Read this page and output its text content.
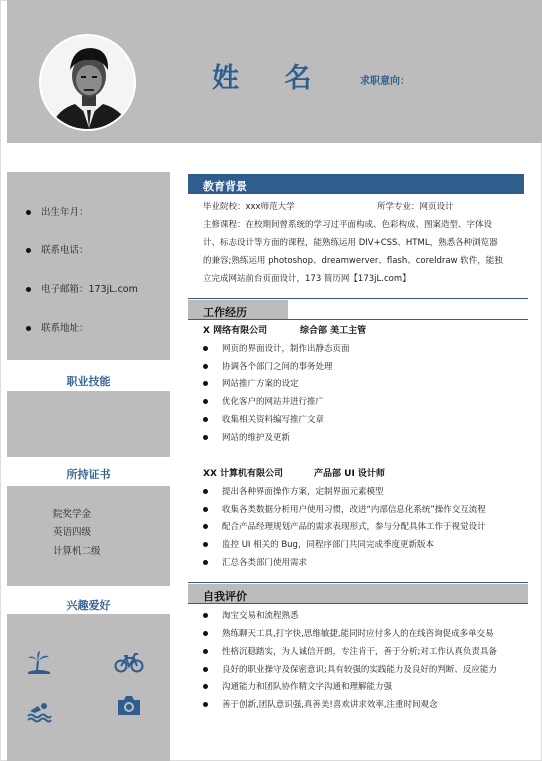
姓 名	求职意向：
出生年月：
联系电话：
电子邮箱：173jL.com
联系地址：
职业技能
所持证书
院奖学金
英语四级
计算机二级
兴趣爱好
教育背景
毕业院校：xxx师范大学	所学专业：网页设计
主修课程：在校期间曾系统的学习过平面构成、色彩构成、图案造型、字体设
计、标志设计等方面的课程，能熟练运用 DIV+CSS、HTML，熟悉各种浏览器
的兼容;熟练运用 photoshop、dreamwerver、flash、coreldraw 软件，能独
立完成网站前台页面设计，173 简历网【173jL.com】
工作经历
X 网络有限公司	综合部 美工主管
网页的界面设计，制作出静态页面
协调各个部门之间的事务处理
网站推广方案的设定
优化客户的网站并进行推广
收集相关资料编写推广文章
网站的维护及更新
XX 计算机有限公司	产品部 UI 设计师
提出各种界面操作方案，定制界面元素模型
收集各类数据分析用户使用习惯，改进“内部信息化系统”操作交互流程
配合产品经理规划产品的需求表现形式，参与分配具体工作于视觉设计
监控 UI 相关的 Bug，同程序部门共同完成季度更新版本
汇总各类部门使用需求
自我评价
淘宝交易和流程熟悉
熟练聊天工具,打字快,思维敏捷,能同时应付多人的在线咨询促成多单交易
性格沉稳踏实，为人诚信开朗，专注肯干，善于分析;对工作认真负责具备
良好的职业操守及保密意识;具有较强的实践能力及良好的判断、反应能力
沟通能力和团队协作精文字沟通和理解能力强
善于创新,团队意识强,真善美!喜欢讲求效率,注重时间观念
